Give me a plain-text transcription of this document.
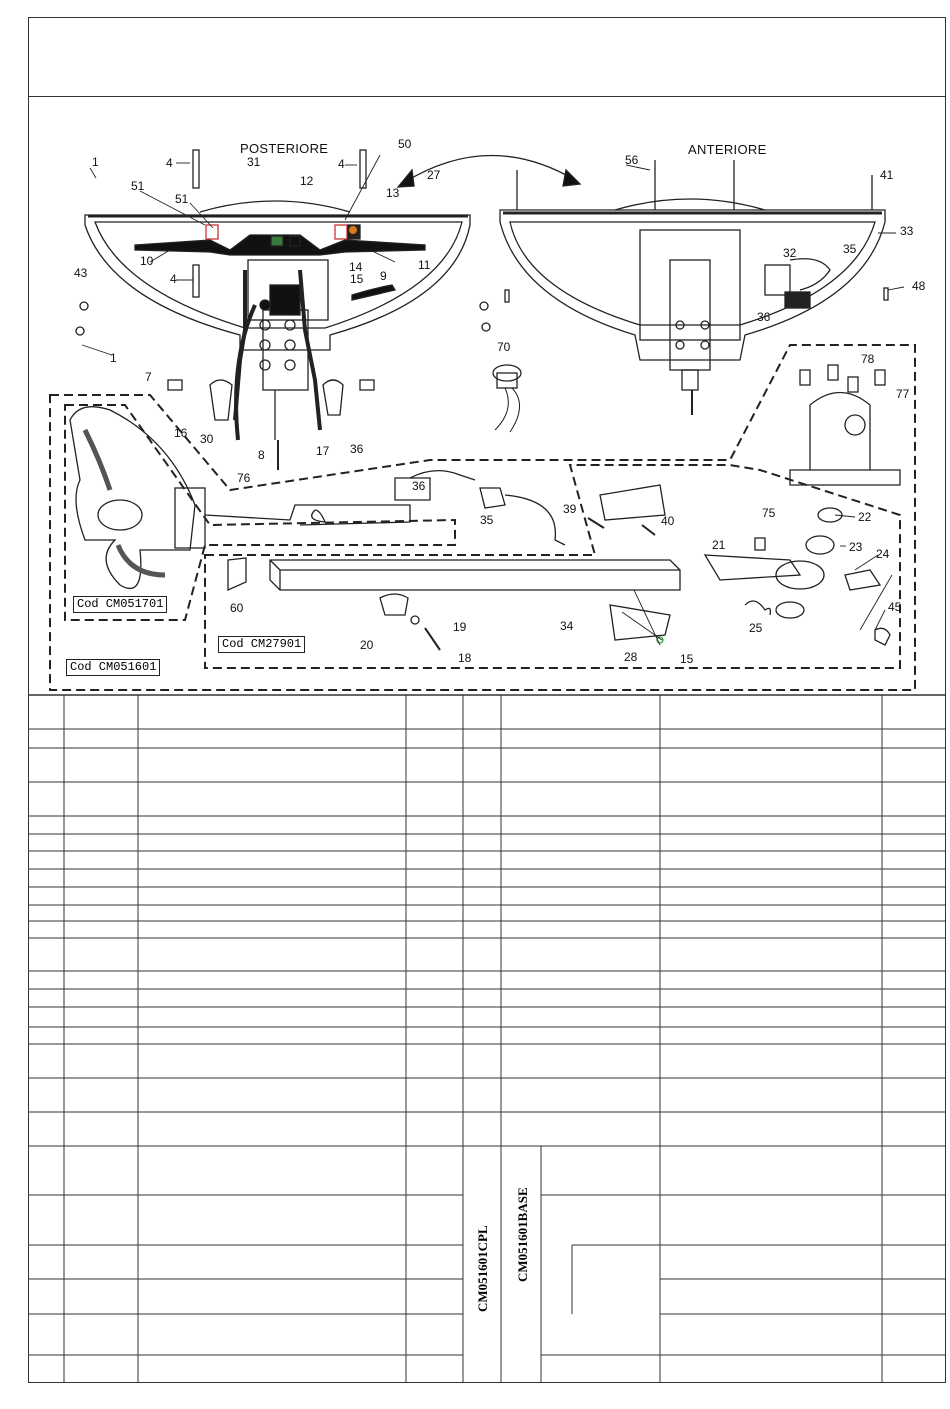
POSTERIORE	ANTERIORE
1	4	31
12
4
50
13
27
51
51
10	14	11
15 9
43	4
1
7
16 30
76
8	17 36
56
41
33
32	35
48
36
70
78
77
36
35
39
40
75	22
21	23 24
60
34	25
19
20
18	28	15
45
Cod CM051701
Cod CM27901
Cod CM051601
CM051601CPL CM051601BASE
